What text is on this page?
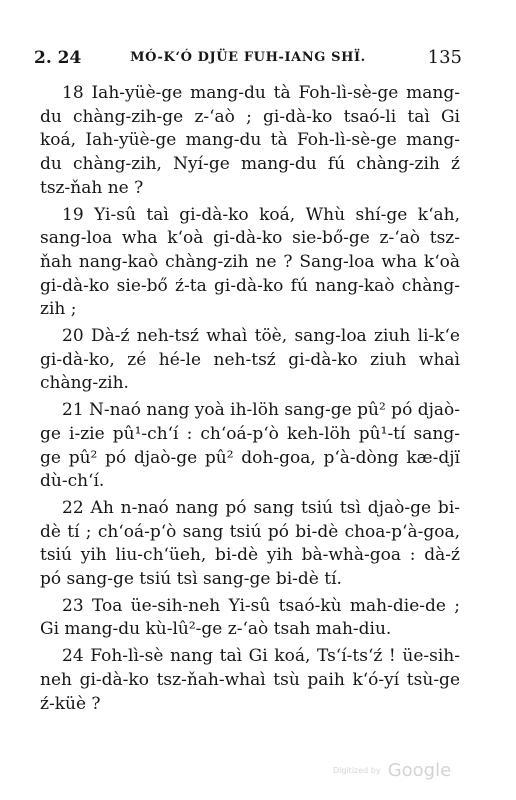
2. 24	MÓ-K‘Ó DJÜE FUH-IANG SHÏ.	135

18 Iah-yüè-ge mang-du tà Foh-lì-sè-ge mang-du chàng-zih-ge z-‘aò ; gi-dà-ko tsaó-li taì Gi koá, Iah-yüè-ge mang-du tà Foh-lì-sè-ge mang-du chàng-zih, Nyí-ge mang-du fú chàng-zih ź tsz-ňah ne ?

19 Yi-sû taì gi-dà-ko koá, Whù shí-ge k‘ah, sang-loa wha k‘oà gi-dà-ko sie-bő-ge z-‘aò tsz-ňah nang-kaò chàng-zih ne ? Sang-loa wha k‘oà gi-dà-ko sie-bő ź-ta gi-dà-ko fú nang-kaò chàng-zih ;

20 Dà-ź neh-tsź whaì töè, sang-loa ziuh li-k‘e gi-dà-ko, zé hé-le neh-tsź gi-dà-ko ziuh whaì chàng-zih.

21 N-naó nang yoà ih-löh sang-ge pû² pó djaò-ge i-zie pû¹-ch‘í : ch‘oá-p‘ò keh-löh pû¹-tí sang-ge pû² pó djaò-ge pû² doh-goa, p‘à-dòng kæ-djï dù-ch‘í.

22 Ah n-naó nang pó sang tsiú tsì djaò-ge bi-dè tí ; ch‘oá-p‘ò sang tsiú pó bi-dè choa-p‘à-goa, tsiú yih liu-ch‘üeh, bi-dè yih bà-whà-goa : dà-ź pó sang-ge tsiú tsì sang-ge bi-dè tí.

23 Toa üe-sih-neh Yi-sû tsaó-kù mah-die-de ; Gi mang-du kù-lû²-ge z-‘aò tsah mah-diu.

24 Foh-lì-sè nang taì Gi koá, Ts‘í-ts‘ź ! üe-sih-neh gi-dà-ko tsz-ňah-whaì tsù paih k‘ó-yí tsù-ge ź-küè ?

Digitized by Google
